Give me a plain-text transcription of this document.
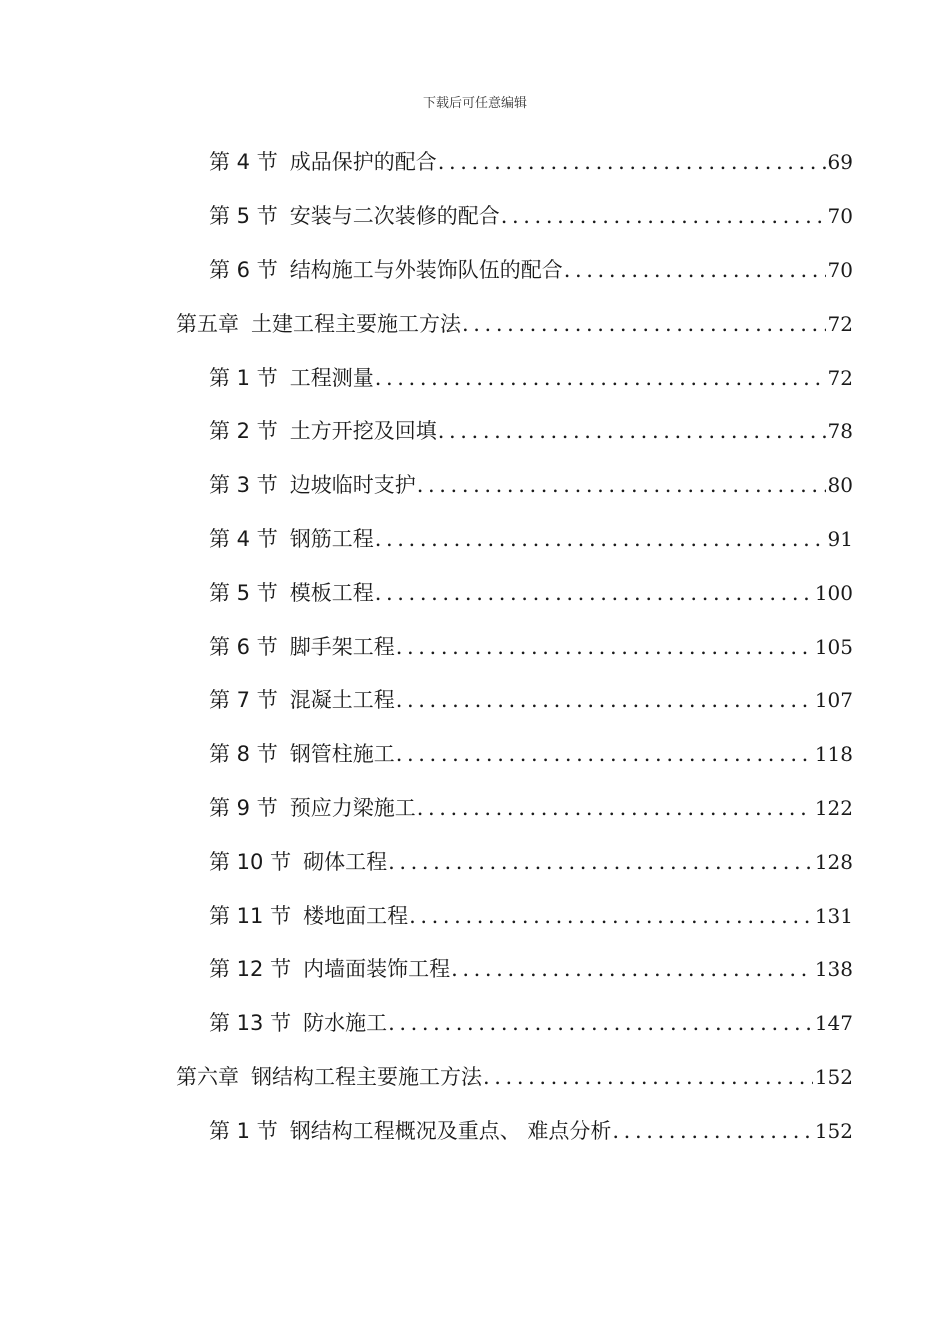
下载后可任意编辑
第 4 节 成品保护的配合 .....	69
第 5 节 安装与二次装修的配合 .....	70
第 6 节 结构施工与外装饰队伍的配合 .....	70
第五章 土建工程主要施工方法 .....	72
第 1 节 工程测量 .....	72
第 2 节 土方开挖及回填 .....	78
第 3 节 边坡临时支护 .....	80
第 4 节 钢筋工程 .....	91
第 5 节 模板工程 .....	100
第 6 节 脚手架工程 .....	105
第 7 节 混凝土工程 .....	107
第 8 节 钢管柱施工 .....	118
第 9 节 预应力梁施工 .....	122
第 10 节 砌体工程 .....	128
第 11 节 楼地面工程 .....	131
第 12 节 内墙面装饰工程 .....	138
第 13 节 防水施工 .....	147
第六章 钢结构工程主要施工方法 .....	152
第 1 节 钢结构工程概况及重点、 难点分析 .....	152
